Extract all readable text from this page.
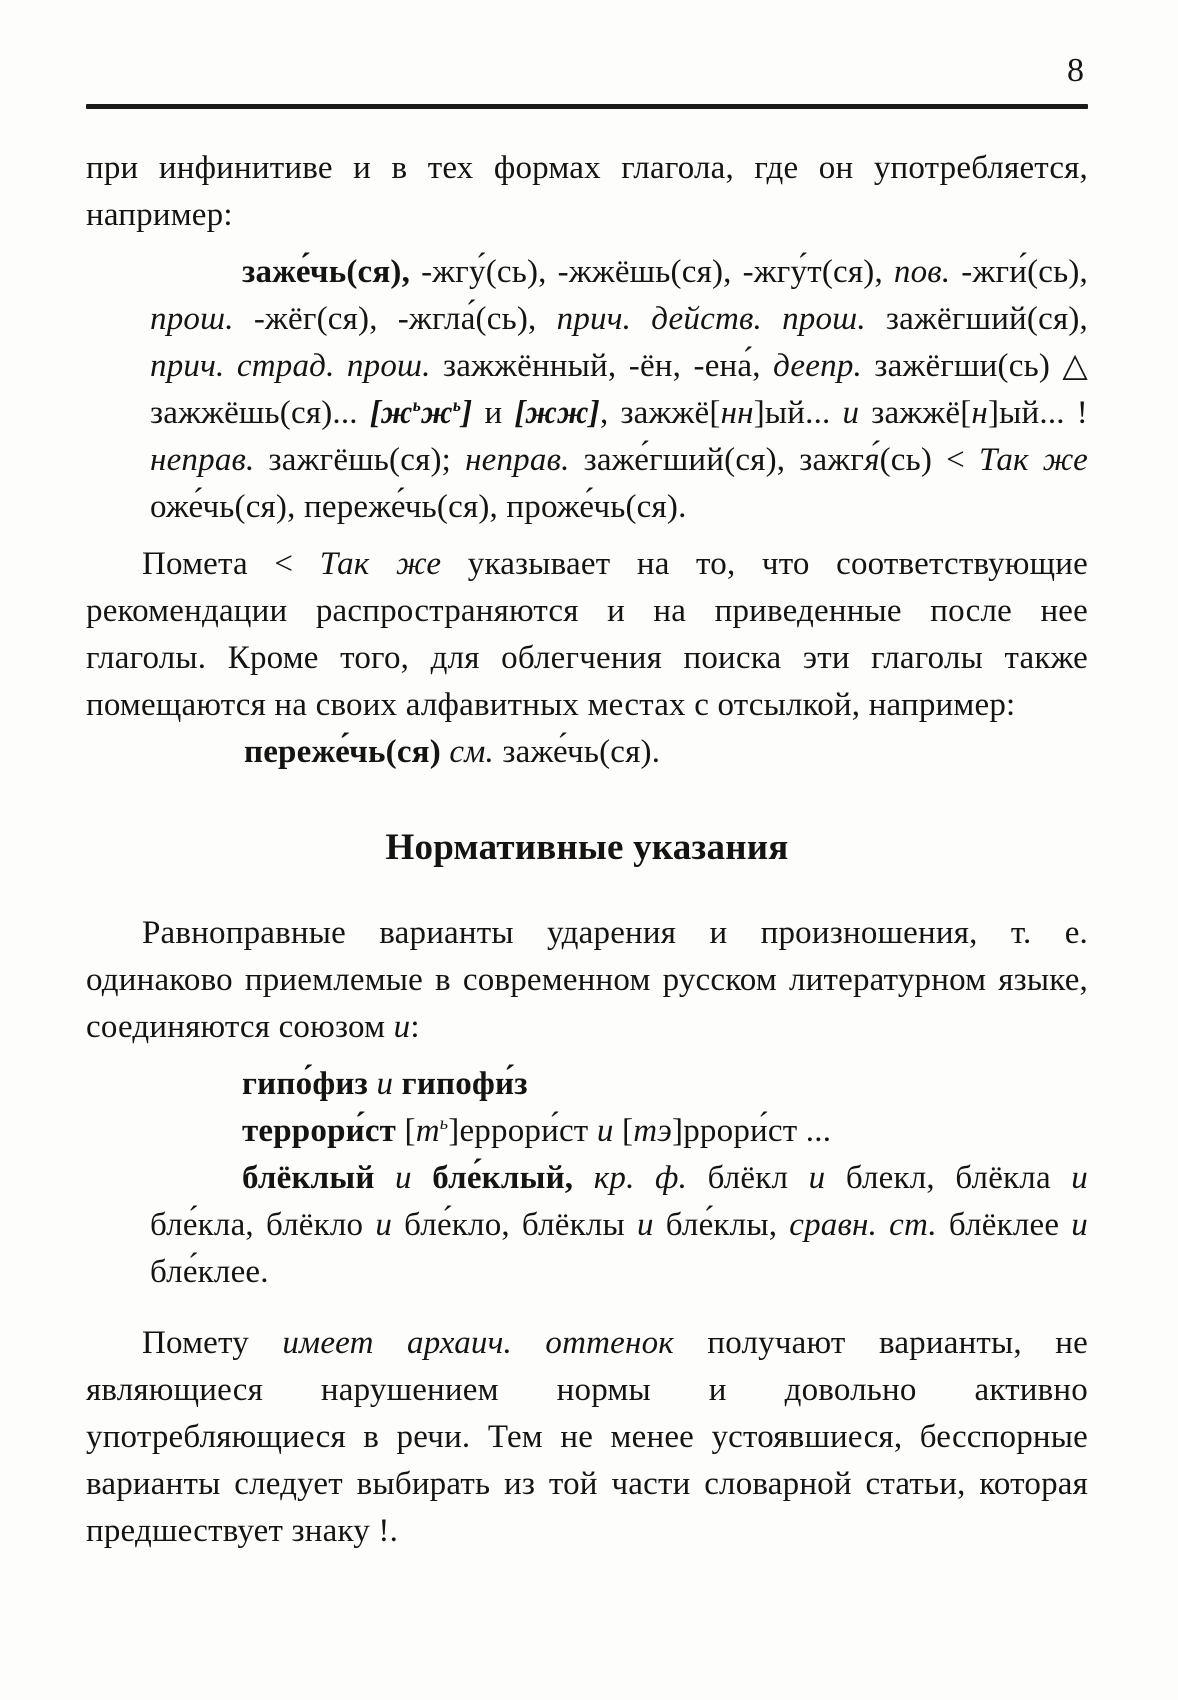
8

при инфинитиве и в тех формах глагола, где он употребляется, например:

заже́чь(ся), -жгу́(сь), -жжёшь(ся), -жгу́т(ся), пов. -жги́(сь), прош. -жёг(ся), -жгла́(сь), прич. действ. прош. зажёгший(ся), прич. страд. прош. зажжённый, -ён, -ена́, деепр. зажёгши(сь) △ зажжёшь(ся)... $[ж^ьж^ь]$ и [жж], зажжё[нн]ый... и зажжё[н]ый... ! неправ. зажгёшь(ся); неправ. заже́гший(ся), зажгя́(сь) < Так же оже́чь(ся), переже́чь(ся), проже́чь(ся).

Помета < Так же указывает на то, что соответствующие рекомендации распространяются и на приведенные после нее глаголы. Кроме того, для облегчения поиска эти глаголы также помещаются на своих алфавитных местах с отсылкой, например:

переже́чь(ся) см. заже́чь(ся).
Нормативные указания

Равноправные варианты ударения и произношения, т. е. одинаково приемлемые в современном русском литературном языке, соединяются союзом и:

гипо́физ и гипофи́з
террори́ст $[т^ь]еррори́ст$ и [тэ]ррори́ст ...
блёклый и бле́клый, кр. ф. блёкл и блекл, блёкла и бле́кла, блёкло и бле́кло, блёклы и бле́клы, сравн. ст. блёклее и бле́клее.

Помету имеет архаич. оттенок получают варианты, не являющиеся нарушением нормы и довольно активно употребляющиеся в речи. Тем не менее устоявшиеся, бесспорные варианты следует выбирать из той части словарной статьи, которая предшествует знаку !.
